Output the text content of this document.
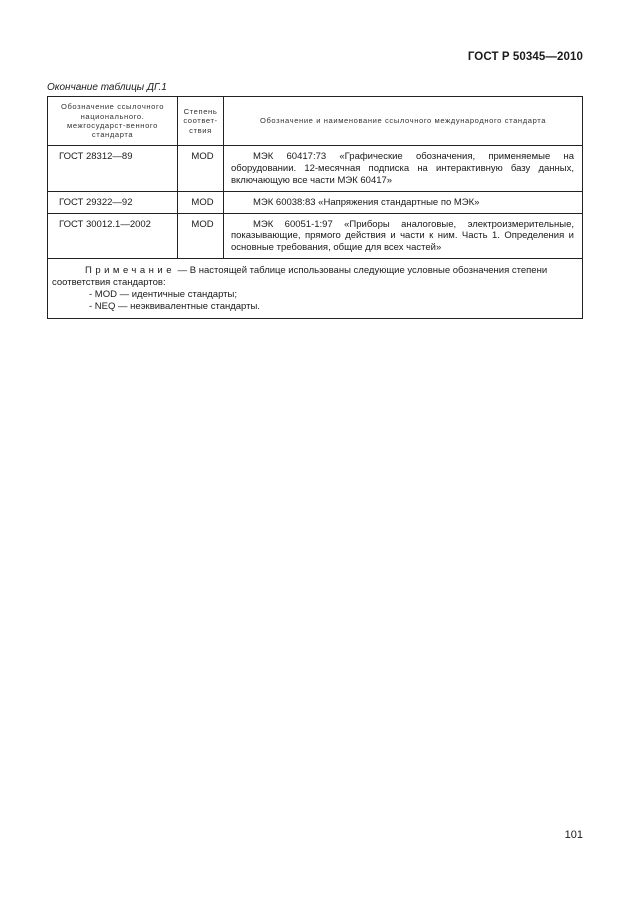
ГОСТ Р 50345—2010
Окончание таблицы ДГ.1
Обозначение ссылочного национального. межгосударст-венного стандарта	Степень соответ-ствия	Обозначение и наименование ссылочного международного стандарта
ГОСТ 28312—89	MOD	МЭК 60417:73 «Графические обозначения, применяемые на оборудовании. 12-месячная подписка на интерактивную базу данных, включающую все части МЭК 60417»
ГОСТ 29322—92	MOD	МЭК 60038:83 «Напряжения стандартные по МЭК»
ГОСТ 30012.1—2002	MOD	МЭК 60051-1:97 «Приборы аналоговые, электроизмерительные, показывающие, прямого действия и части к ним. Часть 1. Определения и основные требования, общие для всех частей»

Примечание — В настоящей таблице использованы следующие условные обозначения степени соответствия стандартов:
- MOD — идентичные стандарты;
- NEQ — неэквивалентные стандарты.		
101
